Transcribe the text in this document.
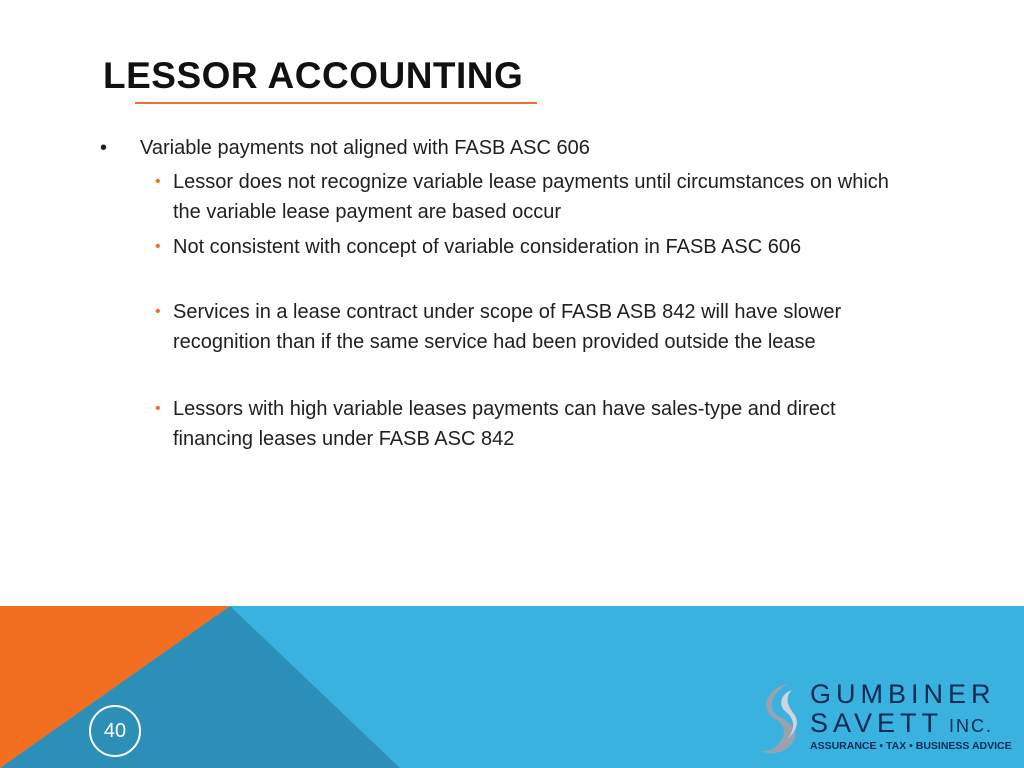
LESSOR ACCOUNTING
• Variable payments not aligned with FASB ASC 606
• Lessor does not recognize variable lease payments until circumstances on which the variable lease payment are based occur
• Not consistent with concept of variable consideration in FASB ASC 606
• Services in a lease contract under scope of FASB ASB 842 will have slower recognition than if the same service had been provided outside the lease
• Lessors with high variable leases payments can have sales-type and direct financing leases under FASB ASC 842
40
GUMBINER
SAVETT INC.
ASSURANCE • TAX • BUSINESS ADVICE
